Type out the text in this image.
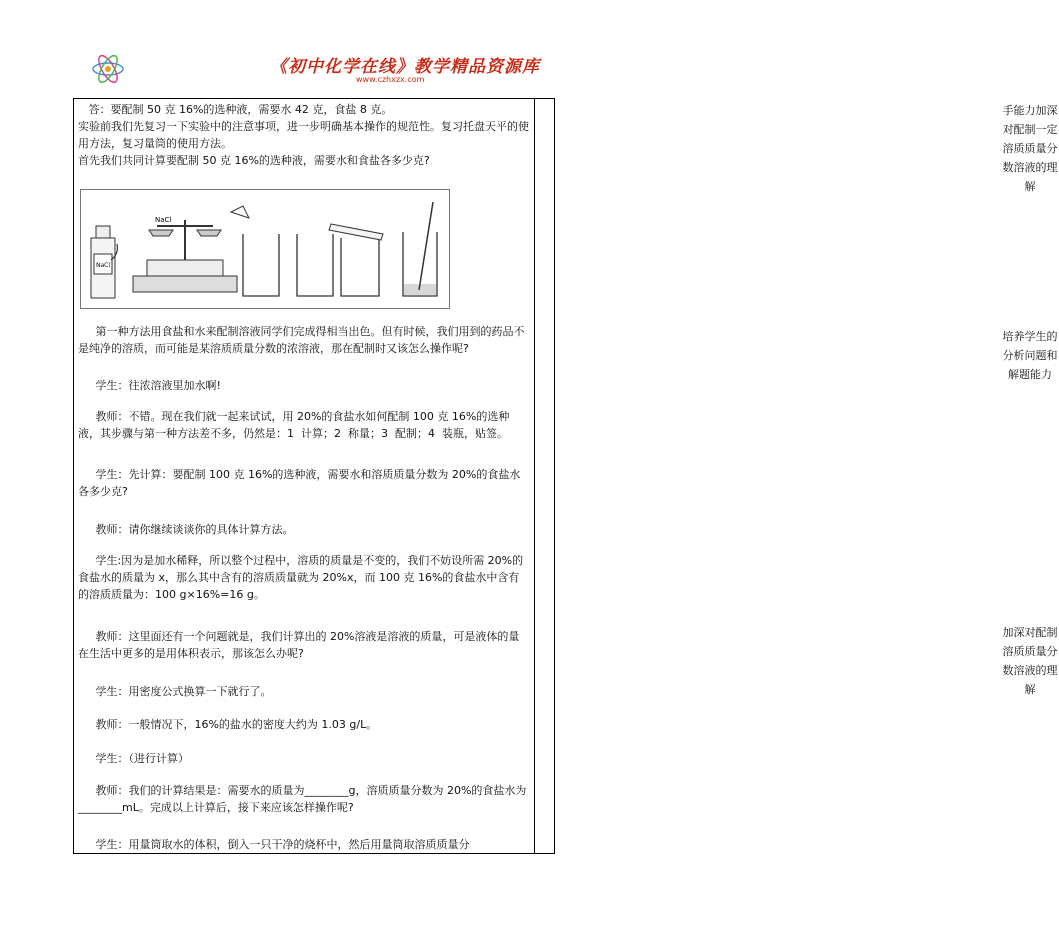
《初中化学在线》教学精品资源库
www.czhxzx.com

答：要配制 50 克 16%的选种液，需要水 42 克，食盐 8 克。

实验前我们先复习一下实验中的注意事项，进一步明确基本操作的规范性。复习托盘天平的使用方法，复习量筒的使用方法。

首先我们共同计算要配制 50 克 16%的选种液，需要水和食盐各多少克?

NaCl
NaCl

第一种方法用食盐和水来配制溶液同学们完成得相当出色。但有时候，我们用到的药品不是纯净的溶质，而可能是某溶质质量分数的浓溶液，那在配制时又该怎么操作呢?

学生：往浓溶液里加水啊!

教师：不错。现在我们就一起来试试，用 20%的食盐水如何配制 100 克 16%的选种液，其步骤与第一种方法差不多，仍然是：1  计算；2  称量；3  配制；4  装瓶，贴签。

学生：先计算：要配制 100 克 16%的选种液，需要水和溶质质量分数为 20%的食盐水各多少克?

教师：请你继续谈谈你的具体计算方法。

学生:因为是加水稀释，所以整个过程中，溶质的质量是不变的，我们不妨设所需 20%的食盐水的质量为 x，那么其中含有的溶质质量就为 20%x，而 100 克 16%的食盐水中含有的溶质质量为：100 g×16%=16 g。

教师：这里面还有一个问题就是，我们计算出的 20%溶液是溶液的质量，可是液体的量在生活中更多的是用体积表示，那该怎么办呢?

学生：用密度公式换算一下就行了。

教师：一般情况下，16%的盐水的密度大约为 1.03 g/L。

学生：（进行计算）

教师：我们的计算结果是：需要水的质量为________g，溶质质量分数为 20%的食盐水为________mL。完成以上计算后，接下来应该怎样操作呢?

学生：用量筒取水的体积，倒入一只干净的烧杯中，然后用量筒取溶质质量分

手能力加深对配制一定溶质质量分数溶液的理解

培养学生的分析问题和解题能力

加深对配制溶质质量分数溶液的理解
